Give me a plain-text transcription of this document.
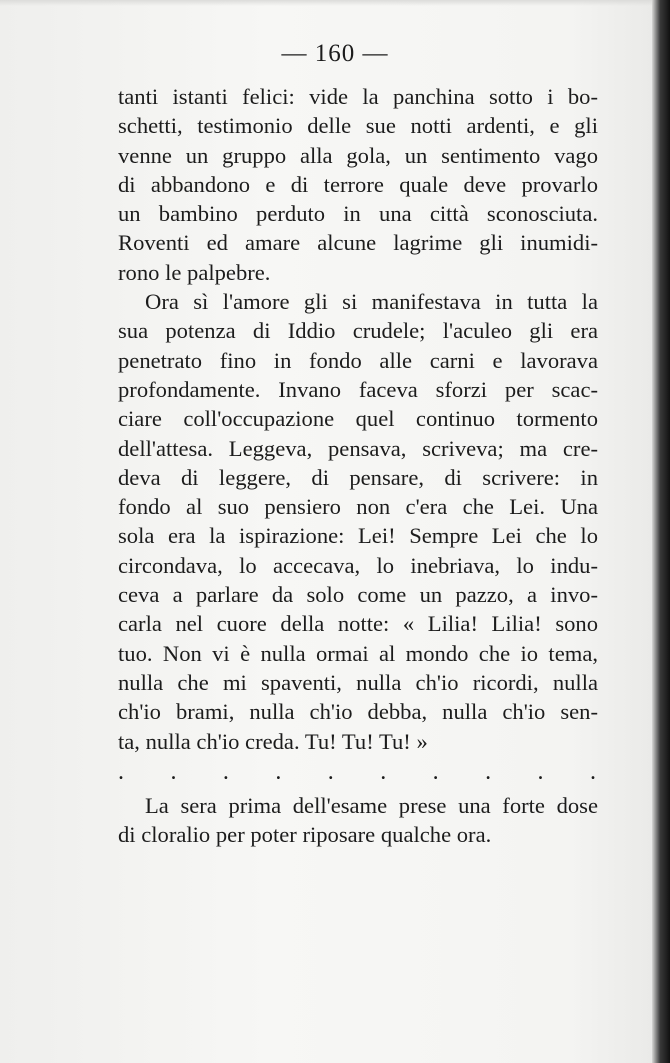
— 160 —
tanti istanti felici: vide la panchina sotto i bo-
schetti, testimonio delle sue notti ardenti, e gli
venne un gruppo alla gola, un sentimento vago
di abbandono e di terrore quale deve provarlo
un bambino perduto in una città sconosciuta.
Roventi ed amare alcune lagrime gli inumidi-
rono le palpebre.
Ora sì l'amore gli si manifestava in tutta la
sua potenza di Iddio crudele; l'aculeo gli era
penetrato fino in fondo alle carni e lavorava
profondamente. Invano faceva sforzi per scac-
ciare coll'occupazione quel continuo tormento
dell'attesa. Leggeva, pensava, scriveva; ma cre-
deva di leggere, di pensare, di scrivere: in
fondo al suo pensiero non c'era che Lei. Una
sola era la ispirazione: Lei! Sempre Lei che lo
circondava, lo accecava, lo inebriava, lo indu-
ceva a parlare da solo come un pazzo, a invo-
carla nel cuore della notte: « Lilia! Lilia! sono
tuo. Non vi è nulla ormai al mondo che io tema,
nulla che mi spaventi, nulla ch'io ricordi, nulla
ch'io brami, nulla ch'io debba, nulla ch'io sen-
ta, nulla ch'io creda. Tu! Tu! Tu! »
. . . . . . . . . .
La sera prima dell'esame prese una forte dose
di cloralio per poter riposare qualche ora.
